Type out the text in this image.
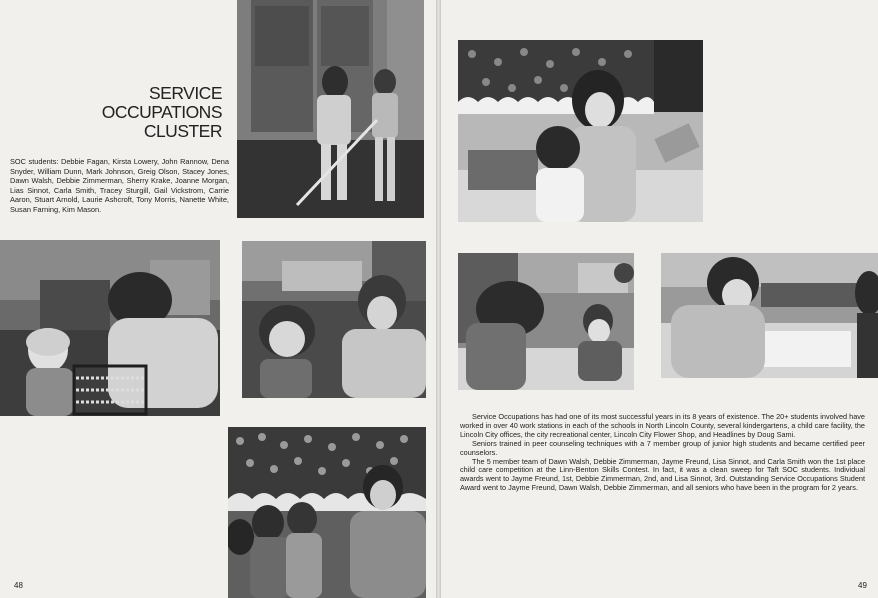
SERVICE
OCCUPATIONS
CLUSTER

SOC students: Debbie Fagan, Kirsta Lowery, John Rannow, Dena Snyder, William Dunn, Mark Johnson, Greig Olson, Stacey Jones, Dawn Walsh, Debbie Zimmerman, Sherry Krake, Joanne Morgan, Lias Sinnot, Carla Smith, Tracey Sturgill, Gail Vickstrom, Carrie Aaron, Stuart Arnold, Laurie Ashcroft, Tony Morris, Nanette White, Susan Farning, Kim Mason.

48

Service Occupations has had one of its most successful years in its 8 years of existence. The 20+ students involved have worked in over 40 work stations in each of the schools in North Lincoln County, several kindergartens, a child care facility, the Lincoln City offices, the city recreational center, Lincoln City Flower Shop, and Headlines by Doug Sami.

Seniors trained in peer counseling techniques with a 7 member group of junior high students and became certified peer counselors.

The 5 member team of Dawn Walsh, Debbie Zimmerman, Jayme Freund, Lisa Sinnot, and Carla Smith won the 1st place child care competition at the Linn-Benton Skills Contest. In fact, it was a clean sweep for Taft SOC students. Individual awards went to Jayme Freund, 1st, Debbie Zimmerman, 2nd, and Lisa Sinnot, 3rd. Outstanding Service Occupations Student Award went to Jayme Freund, Dawn Walsh, Debbie Zimmerman, and all seniors who have been in the program for 2 years.

49
